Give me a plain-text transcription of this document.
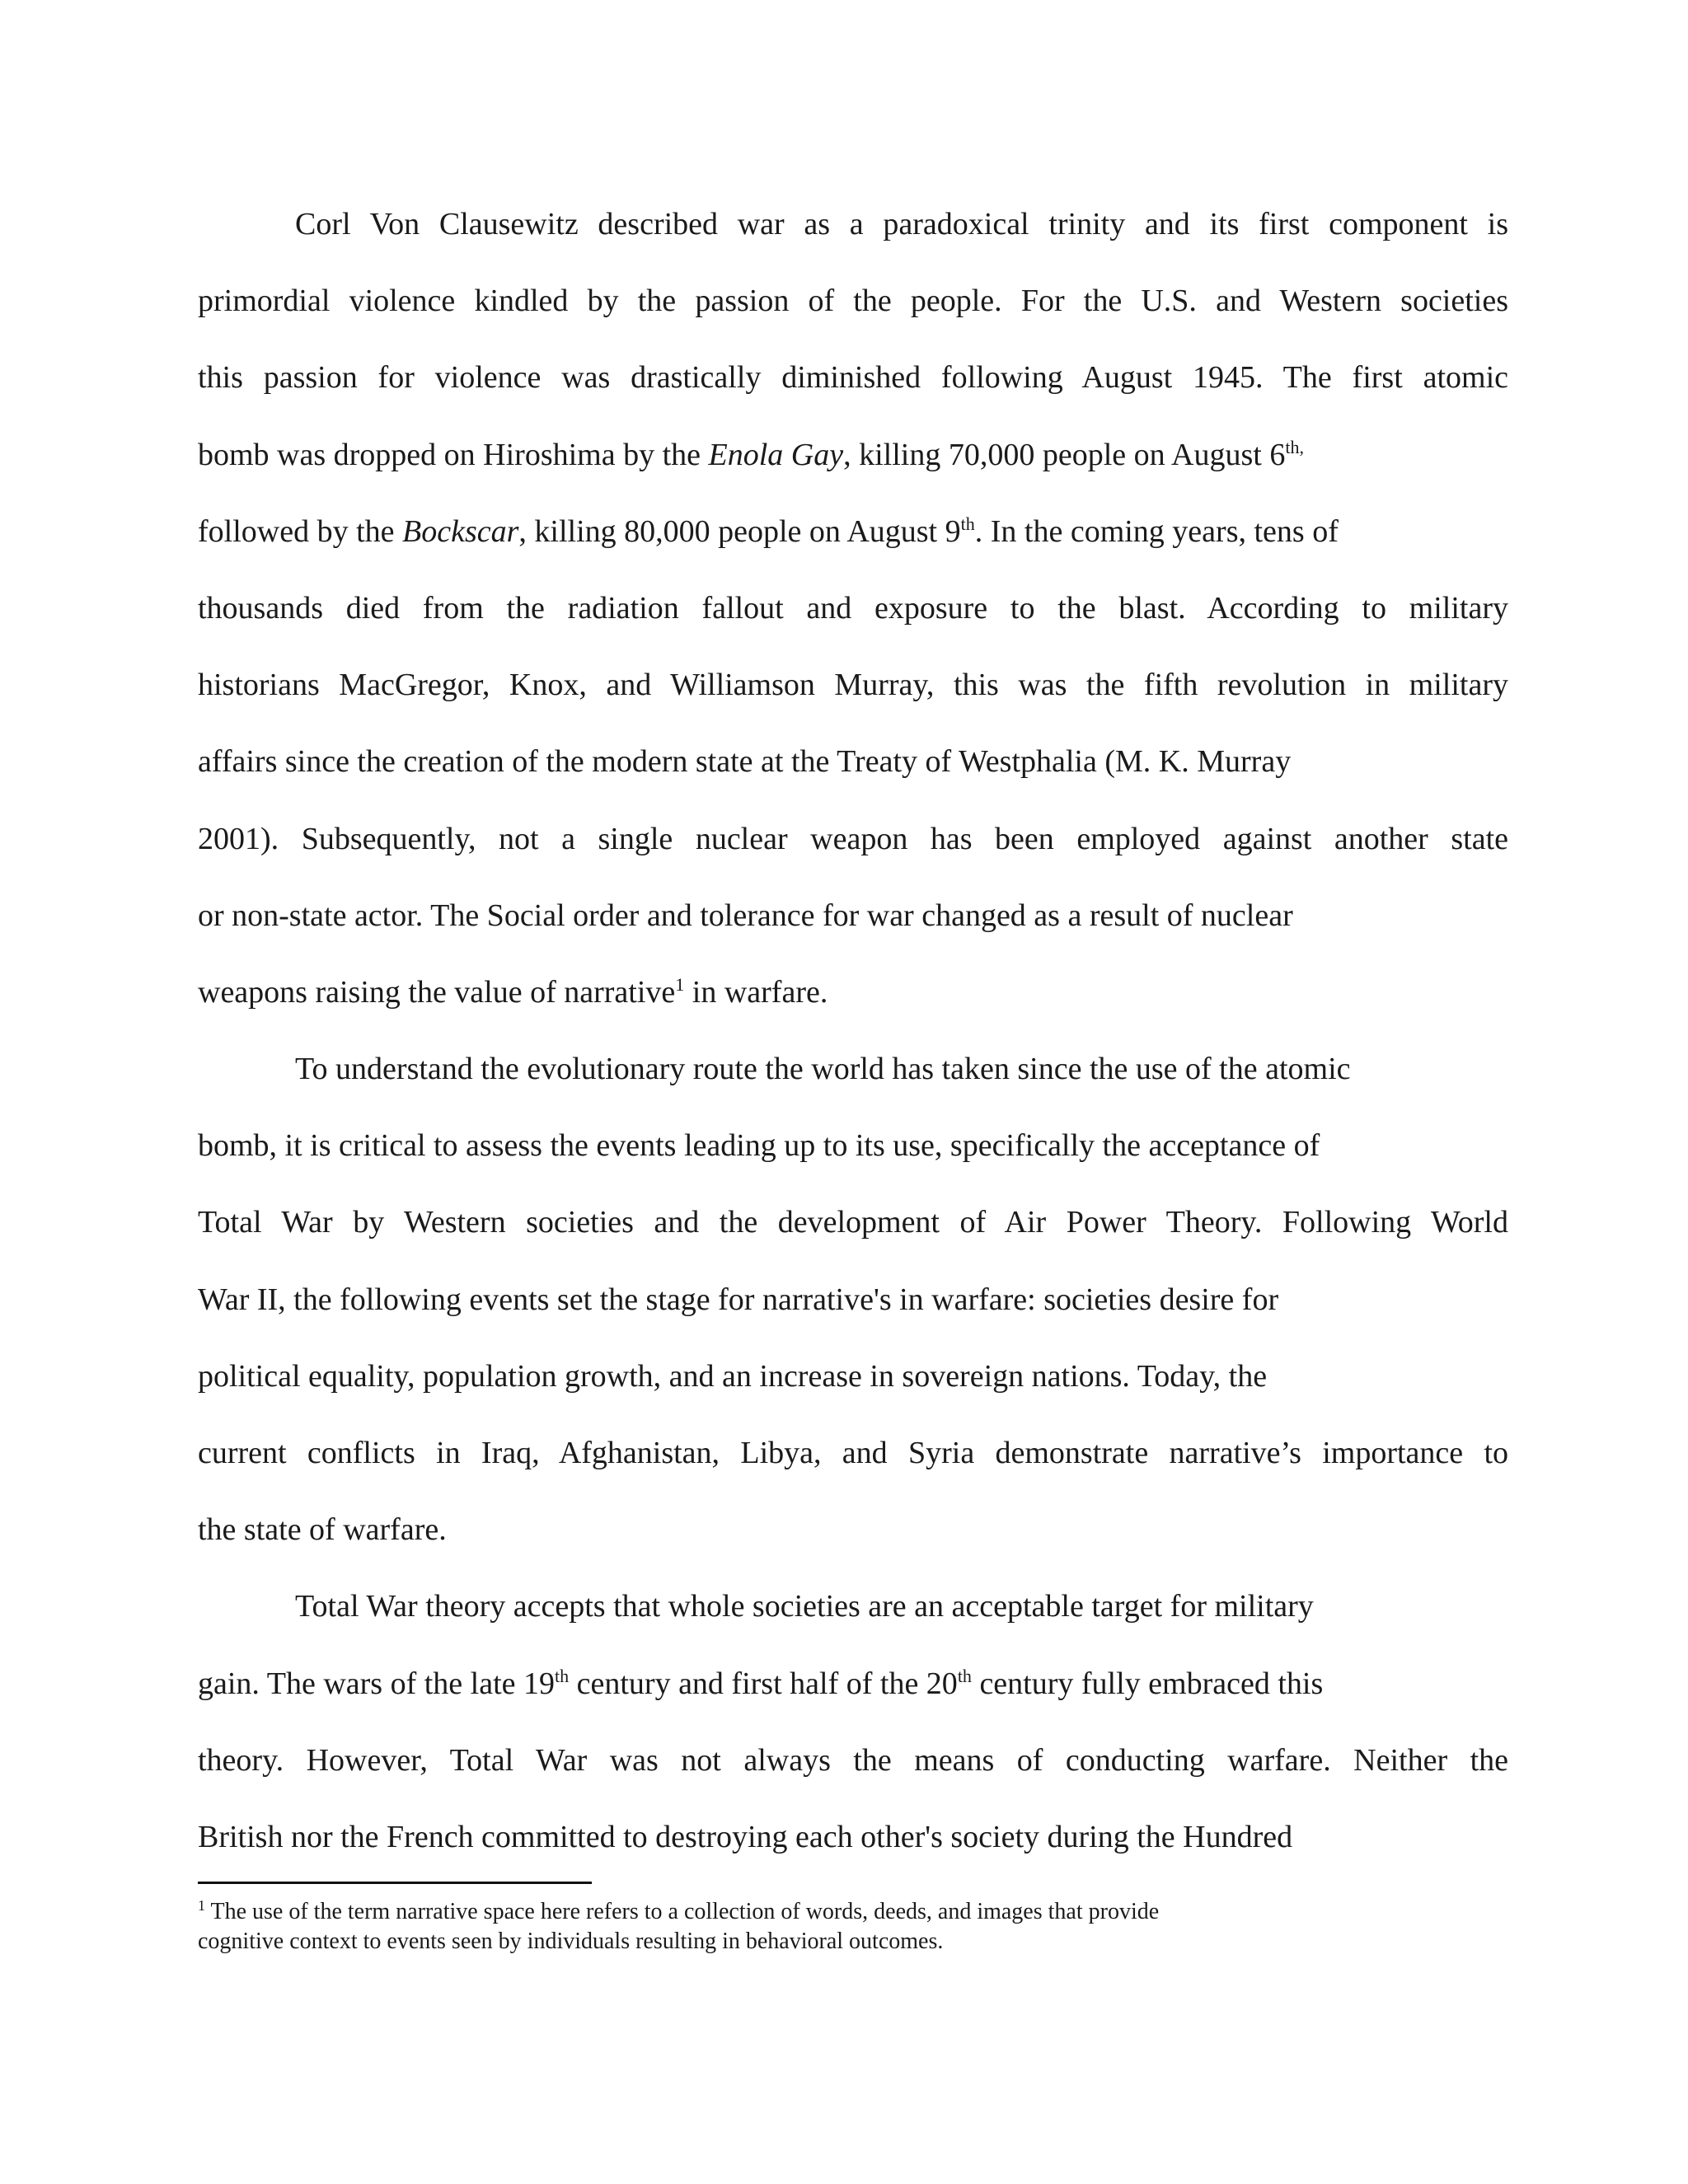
Corl Von Clausewitz described war as a paradoxical trinity and its first component is
primordial violence kindled by the passion of the people. For the U.S. and Western societies
this passion for violence was drastically diminished following August 1945. The first atomic
bomb was dropped on Hiroshima by the Enola Gay, killing 70,000 people on August $6^{th,}$
followed by the Bockscar, killing 80,000 people on August 9th. In the coming years, tens of
thousands died from the radiation fallout and exposure to the blast. According to military
historians MacGregor, Knox, and Williamson Murray, this was the fifth revolution in military
affairs since the creation of the modern state at the Treaty of Westphalia (M. K. Murray
2001). Subsequently, not a single nuclear weapon has been employed against another state
or non-state actor. The Social order and tolerance for war changed as a result of nuclear
weapons raising the value of narrative$^1$ in warfare.
To understand the evolutionary route the world has taken since the use of the atomic
bomb, it is critical to assess the events leading up to its use, specifically the acceptance of
Total War by Western societies and the development of Air Power Theory. Following World
War II, the following events set the stage for narrative's in warfare: societies desire for
political equality, population growth, and an increase in sovereign nations. Today, the
current conflicts in Iraq, Afghanistan, Libya, and Syria demonstrate narrative’s importance to
the state of warfare.
Total War theory accepts that whole societies are an acceptable target for military
gain. The wars of the late 19th century and first half of the 20th century fully embraced this
theory. However, Total War was not always the means of conducting warfare. Neither the
British nor the French committed to destroying each other's society during the Hundred
$^1$ The use of the term narrative space here refers to a collection of words, deeds, and images that provide
cognitive context to events seen by individuals resulting in behavioral outcomes.
